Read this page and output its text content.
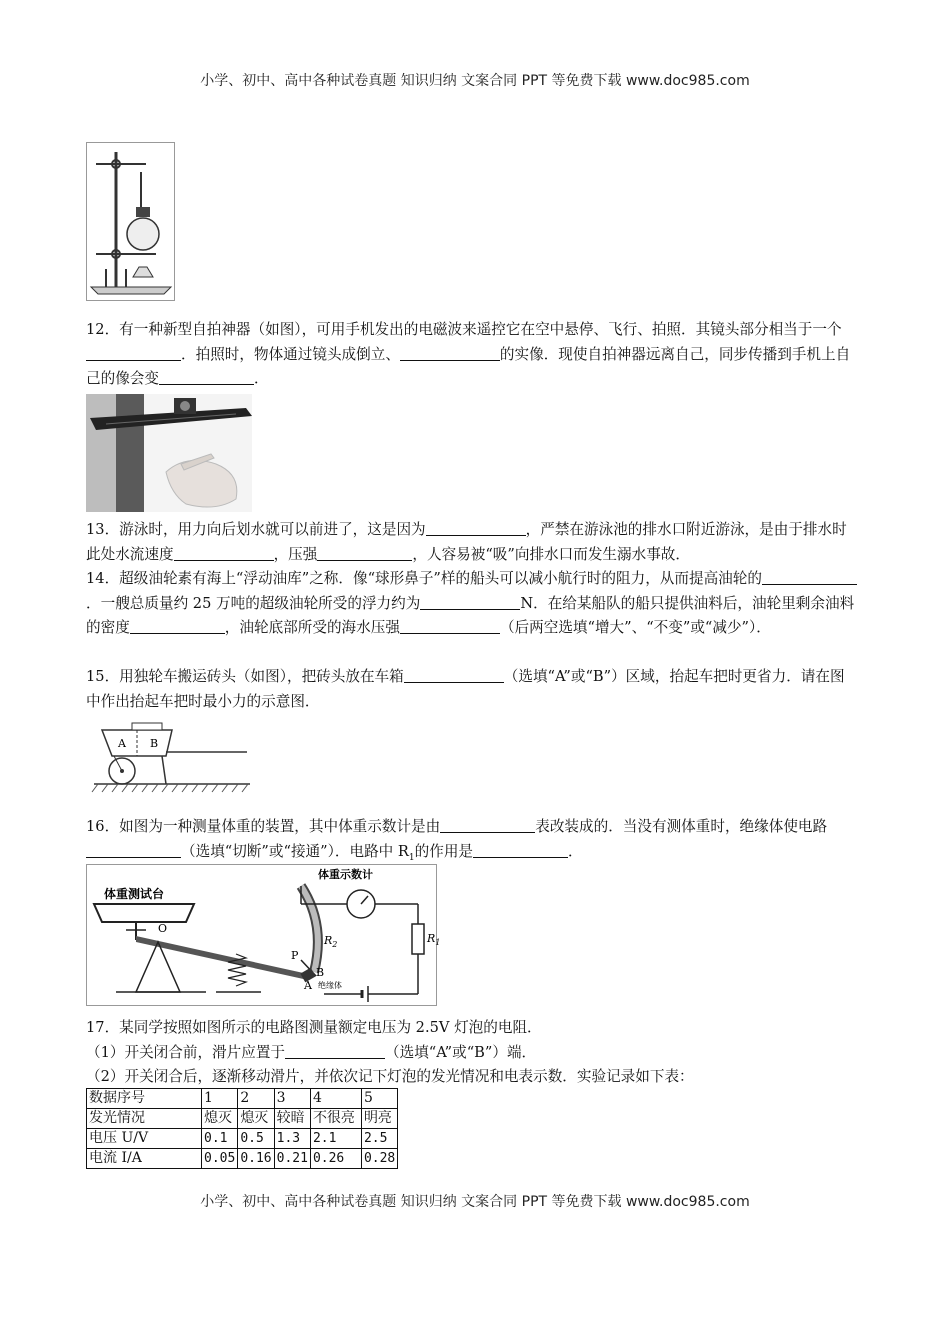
小学、初中、高中各种试卷真题 知识归纳 文案合同 PPT 等免费下载 www.doc985.com
12．有一种新型自拍神器（如图），可用手机发出的电磁波来遥控它在空中悬停、飞行、拍照．其镜头部分相当于一个．拍照时，物体通过镜头成倒立、	的实像．现使自拍神器远离自己，同步传播到手机上自己的像会变	．
13．游泳时，用力向后划水就可以前进了，这是因为	，严禁在游泳池的排水口附近游泳，是由于排水时此处水流速度	，压强	，人容易被“吸”向排水口而发生溺水事故．
14．超级油轮素有海上“浮动油库”之称．像“球形鼻子”样的船头可以减小航行时的阻力，从而提高油轮的．一艘总质量约 25 万吨的超级油轮所受的浮力约为	N．在给某船队的船只提供油料后，油轮里剩余油料的密度	，油轮底部所受的海水压强	（后两空选填“增大”、“不变”或“减少”）．
15．用独轮车搬运砖头（如图），把砖头放在车箱	（选填“A”或“B”）区域，抬起车把时更省力．请在图中作出抬起车把时最小力的示意图．
A B
16．如图为一种测量体重的装置，其中体重示数计是由	表改装成的．当没有测体重时，绝缘体使电路（选填“切断”或“接通”）．电路中 $R_1$的作用是	．
体重测试台
O
$R_2$
P
B
A 绝缘体
体重示数计
$R_1$
17．某同学按照如图所示的电路图测量额定电压为 2.5V 灯泡的电阻．
（1）开关闭合前，滑片应置于	（选填“A”或“B”）端．
（2）开关闭合后，逐渐移动滑片，并依次记下灯泡的发光情况和电表示数．实验记录如下表：
数据序号	1	2	3	4	5
发光情况	熄灭	熄灭	较暗	不很亮	明亮
电压 U/V	0.1	0.5	1.3	2.1	2.5
电流 I/A	0.05	0.16	0.21	0.26	0.28
小学、初中、高中各种试卷真题 知识归纳 文案合同 PPT 等免费下载 www.doc985.com
